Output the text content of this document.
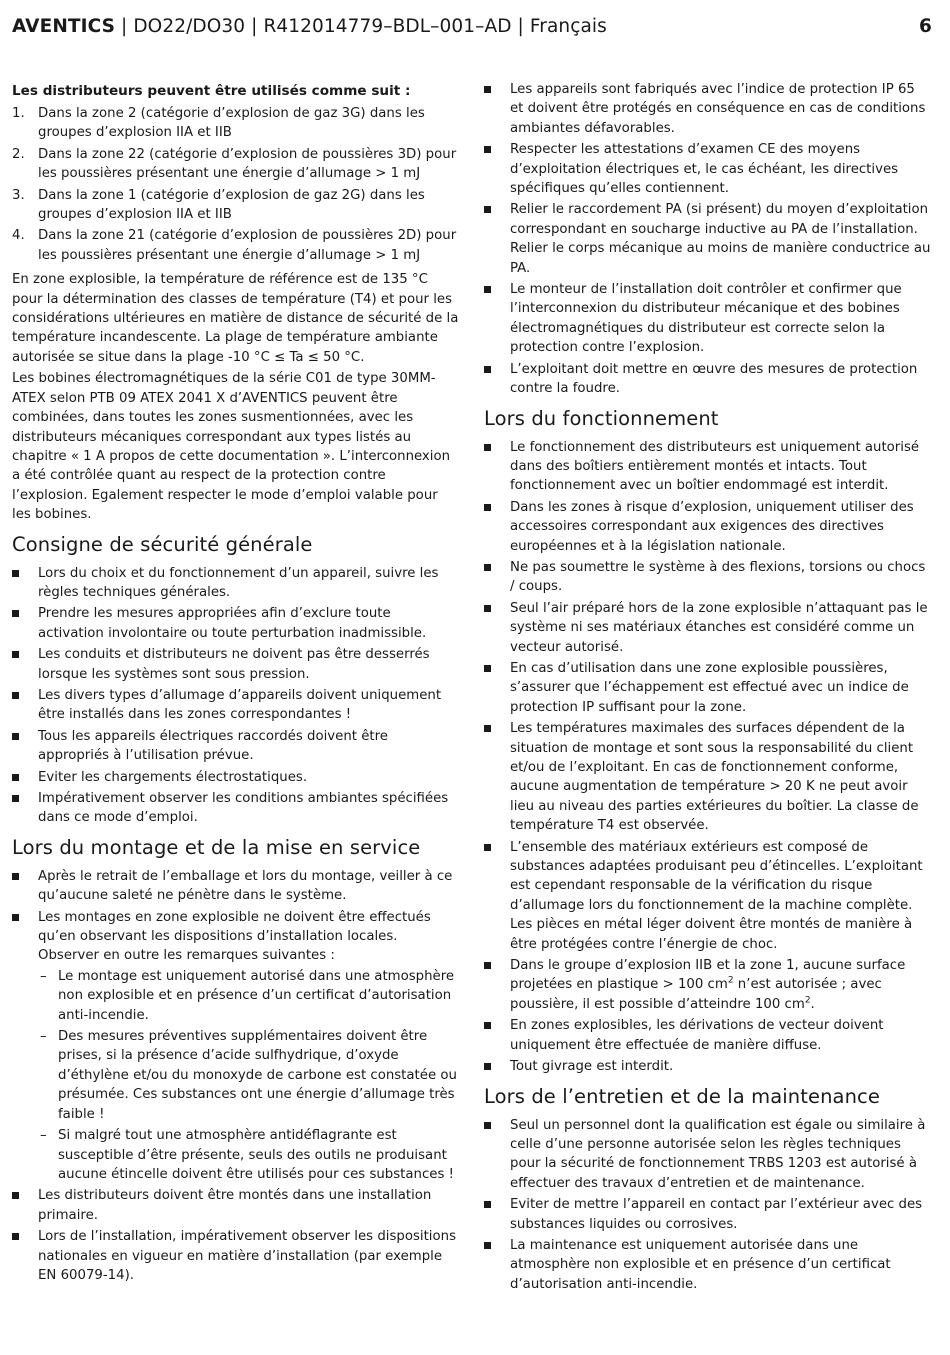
AVENTICS | DO22/DO30 | R412014779–BDL–001–AD | Français	6

Les distributeurs peuvent être utilisés comme suit :

1. Dans la zone 2 (catégorie d’explosion de gaz 3G) dans les groupes d’explosion IIA et IIB
2. Dans la zone 22 (catégorie d’explosion de poussières 3D) pour les poussières présentant une énergie d’allumage > 1 mJ
3. Dans la zone 1 (catégorie d’explosion de gaz 2G) dans les groupes d’explosion IIA et IIB
4. Dans la zone 21 (catégorie d’explosion de poussières 2D) pour les poussières présentant une énergie d’allumage > 1 mJ

En zone explosible, la température de référence est de 135 °C pour la détermination des classes de température (T4) et pour les considérations ultérieures en matière de distance de sécurité de la température incandescente. La plage de température ambiante autorisée se situe dans la plage -10 °C ≤ Ta ≤ 50 °C.

Les bobines électromagnétiques de la série C01 de type 30MM-ATEX selon PTB 09 ATEX 2041 X d’AVENTICS peuvent être combinées, dans toutes les zones susmentionnées, avec les distributeurs mécaniques correspondant aux types listés au chapitre « 1 A propos de cette documentation ». L’interconnexion a été contrôlée quant au respect de la protection contre l’explosion. Egalement respecter le mode d’emploi valable pour les bobines.

Consigne de sécurité générale
Lors du choix et du fonctionnement d’un appareil, suivre les règles techniques générales.
Prendre les mesures appropriées afin d’exclure toute activation involontaire ou toute perturbation inadmissible.
Les conduits et distributeurs ne doivent pas être desserrés lorsque les systèmes sont sous pression.
Les divers types d’allumage d’appareils doivent uniquement être installés dans les zones correspondantes !
Tous les appareils électriques raccordés doivent être appropriés à l’utilisation prévue.
Eviter les chargements électrostatiques.
Impérativement observer les conditions ambiantes spécifiées dans ce mode d’emploi.
Lors du montage et de la mise en service
Après le retrait de l’emballage et lors du montage, veiller à ce qu’aucune saleté ne pénètre dans le système.
Les montages en zone explosible ne doivent être effectués qu’en observant les dispositions d’installation locales. Observer en outre les remarques suivantes :
– Le montage est uniquement autorisé dans une atmosphère non explosible et en présence d’un certificat d’autorisation anti-incendie.
– Des mesures préventives supplémentaires doivent être prises, si la présence d’acide sulfhydrique, d’oxyde d’éthylène et/ou du monoxyde de carbone est constatée ou présumée. Ces substances ont une énergie d’allumage très faible !
– Si malgré tout une atmosphère antidéflagrante est susceptible d’être présente, seuls des outils ne produisant aucune étincelle doivent être utilisés pour ces substances !
Les distributeurs doivent être montés dans une installation primaire.
Lors de l’installation, impérativement observer les dispositions nationales en vigueur en matière d’installation (par exemple EN 60079-14).
Les appareils sont fabriqués avec l’indice de protection IP 65 et doivent être protégés en conséquence en cas de conditions ambiantes défavorables.
Respecter les attestations d’examen CE des moyens d’exploitation électriques et, le cas échéant, les directives spécifiques qu’elles contiennent.
Relier le raccordement PA (si présent) du moyen d’exploitation correspondant en soucharge inductive au PA de l’installation. Relier le corps mécanique au moins de manière conductrice au PA.
Le monteur de l’installation doit contrôler et confirmer que l’interconnexion du distributeur mécanique et des bobines électromagnétiques du distributeur est correcte selon la protection contre l’explosion.
L’exploitant doit mettre en œuvre des mesures de protection contre la foudre.
Lors du fonctionnement
Le fonctionnement des distributeurs est uniquement autorisé dans des boîtiers entièrement montés et intacts. Tout fonctionnement avec un boîtier endommagé est interdit.
Dans les zones à risque d’explosion, uniquement utiliser des accessoires correspondant aux exigences des directives européennes et à la législation nationale.
Ne pas soumettre le système à des flexions, torsions ou chocs / coups.
Seul l’air préparé hors de la zone explosible n’attaquant pas le système ni ses matériaux étanches est considéré comme un vecteur autorisé.
En cas d’utilisation dans une zone explosible poussières, s’assurer que l’échappement est effectué avec un indice de protection IP suffisant pour la zone.
Les températures maximales des surfaces dépendent de la situation de montage et sont sous la responsabilité du client et/ou de l’exploitant. En cas de fonctionnement conforme, aucune augmentation de température > 20 K ne peut avoir lieu au niveau des parties extérieures du boîtier. La classe de température T4 est observée.
L’ensemble des matériaux extérieurs est composé de substances adaptées produisant peu d’étincelles. L’exploitant est cependant responsable de la vérification du risque d’allumage lors du fonctionnement de la machine complète. Les pièces en métal léger doivent être montés de manière à être protégées contre l’énergie de choc.
Dans le groupe d’explosion IIB et la zone 1, aucune surface projetées en plastique > 100 $cm^2$ n’est autorisée ; avec poussière, il est possible d’atteindre 100 $cm^2$.
En zones explosibles, les dérivations de vecteur doivent uniquement être effectuée de manière diffuse.
Tout givrage est interdit.
Lors de l’entretien et de la maintenance
Seul un personnel dont la qualification est égale ou similaire à celle d’une personne autorisée selon les règles techniques pour la sécurité de fonctionnement TRBS 1203 est autorisé à effectuer des travaux d’entretien et de maintenance.
Eviter de mettre l’appareil en contact par l’extérieur avec des substances liquides ou corrosives.
La maintenance est uniquement autorisée dans une atmosphère non explosible et en présence d’un certificat d’autorisation anti-incendie.
